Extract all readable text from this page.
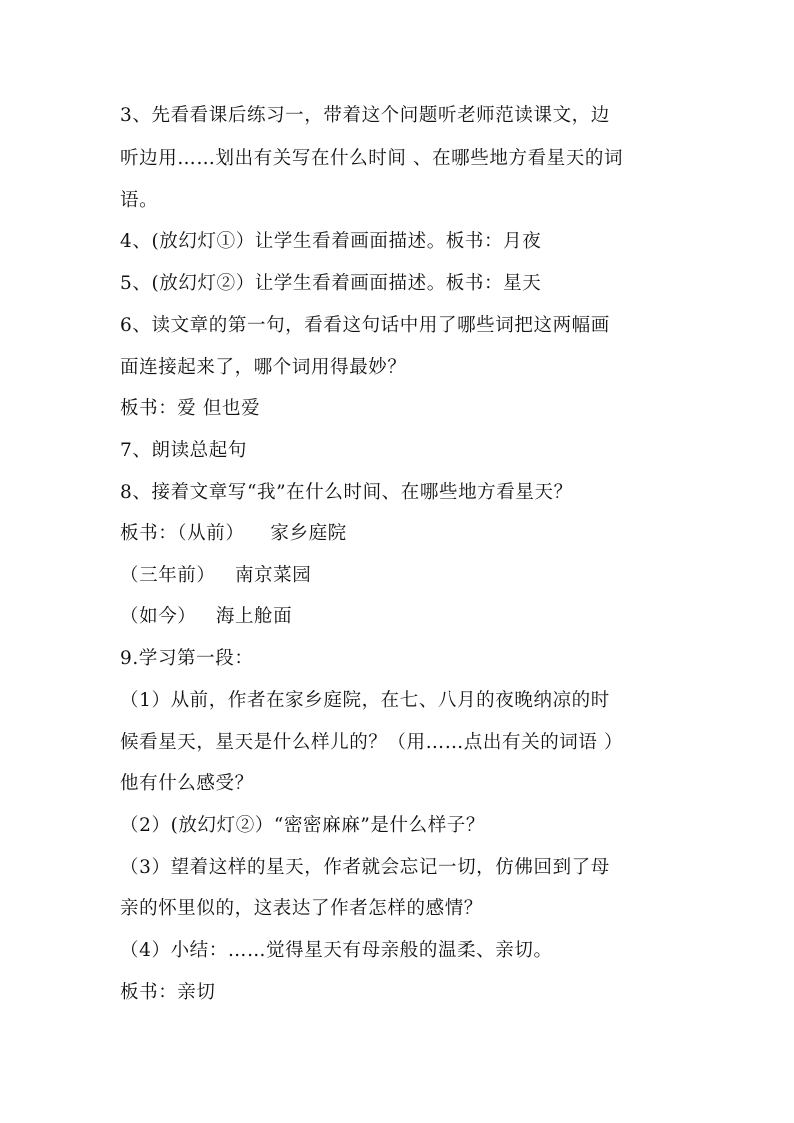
3、先看看课后练习一，带着这个问题听老师范读课文，边
听边用……划出有关写在什么时间 、在哪些地方看星天的词
语。
4、(放幻灯①）让学生看着画面描述。板书：月夜
5、(放幻灯②）让学生看着画面描述。板书：星天
6、读文章的第一句，看看这句话中用了哪些词把这两幅画
面连接起来了，哪个词用得最妙？
板书：爱 但也爱
7、朗读总起句
8、接着文章写“我”在什么时间、在哪些地方看星天？
板书：（从前）    家乡庭院
（三年前）   南京菜园
（如今）   海上舱面
9.学习第一段：
（1）从前，作者在家乡庭院，在七、八月的夜晚纳凉的时
候看星天，星天是什么样儿的？（用……点出有关的词语 ）
他有什么感受？
（2）(放幻灯②）“密密麻麻”是什么样子？
（3）望着这样的星天，作者就会忘记一切，仿佛回到了母
亲的怀里似的，这表达了作者怎样的感情？
（4）小结：……觉得星天有母亲般的温柔、亲切。
板书：亲切
